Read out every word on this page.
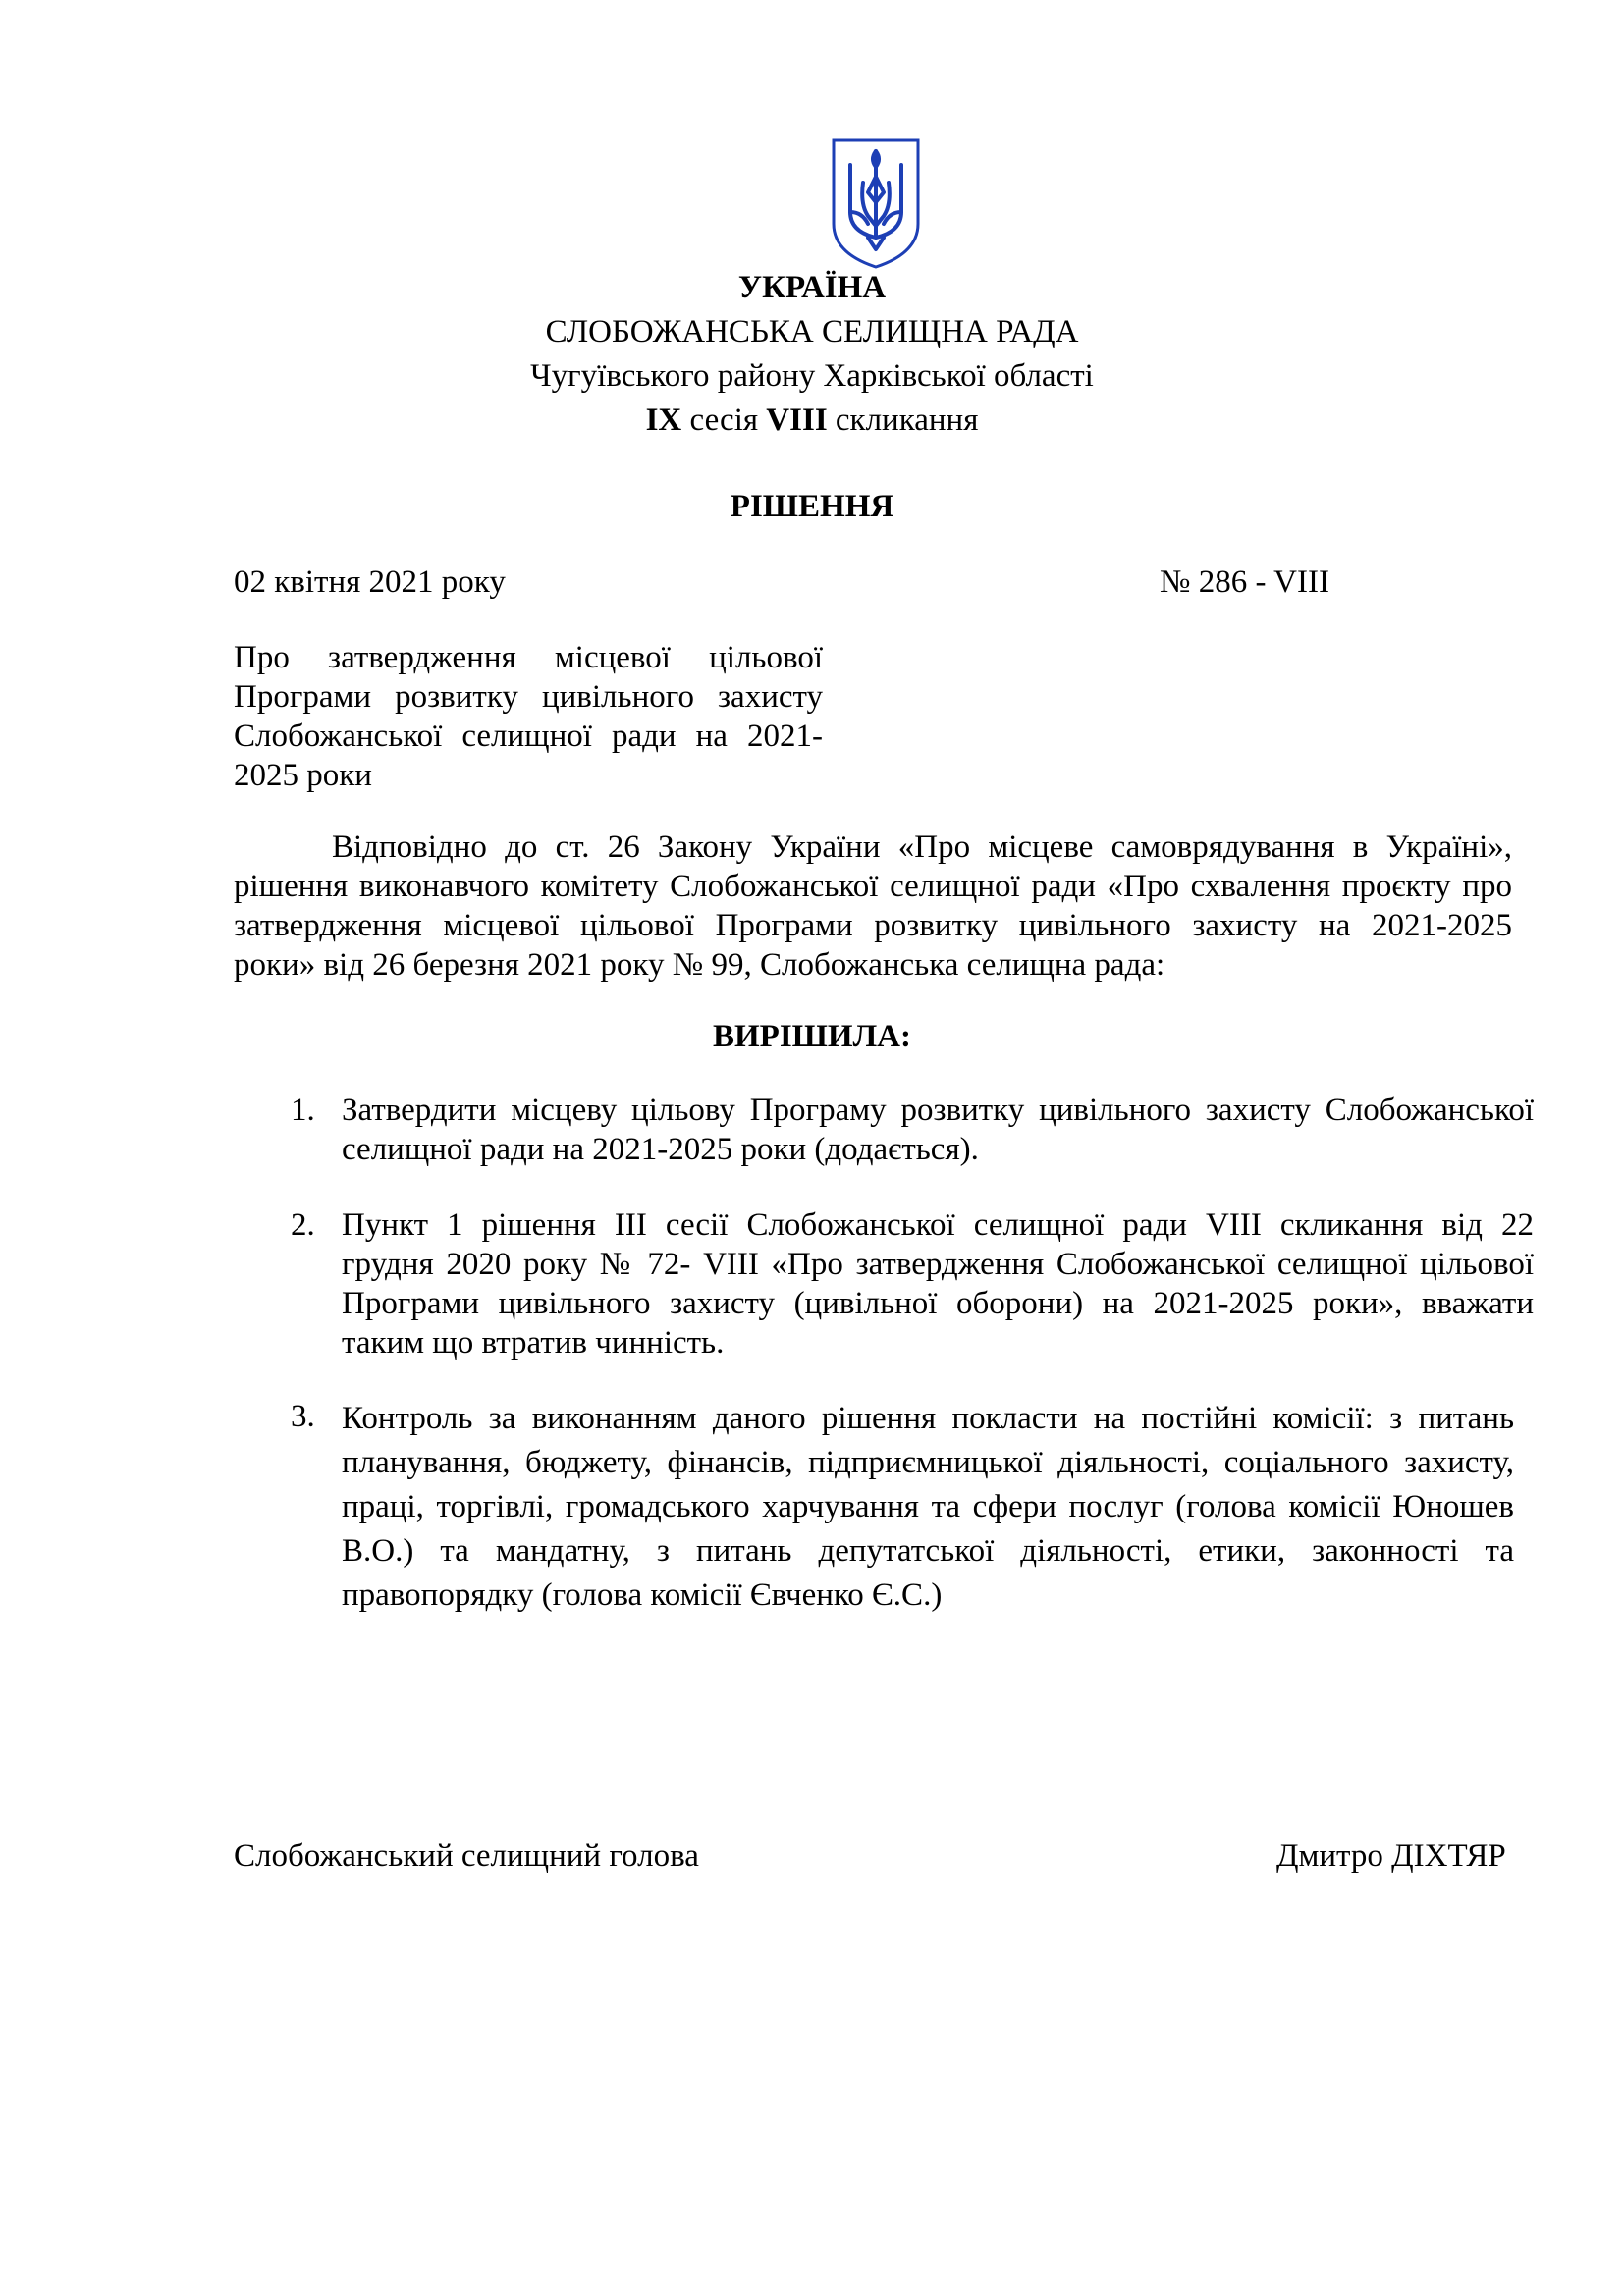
УКРАЇНА
СЛОБОЖАНСЬКА СЕЛИЩНА РАДА
Чугуївського району Харківської області
IX сесія VIII скликання
РІШЕННЯ
02 квітня 2021 року	№ 286 - VIII
Про затвердження місцевої цільової
Програми розвитку цивільного захисту
Слобожанської селищної ради на 2021-
2025 роки
Відповідно до ст. 26 Закону України «Про місцеве самоврядування в Україні»,
рішення виконавчого комітету Слобожанської селищної ради «Про схвалення проєкту про
затвердження місцевої цільової Програми розвитку цивільного захисту на 2021-2025
роки» від 26 березня 2021 року № 99, Слобожанська селищна рада:
ВИРІШИЛА:
1. Затвердити місцеву цільову Програму розвитку цивільного захисту Слобожанської
селищної ради на 2021-2025 роки (додається).
2. Пункт 1 рішення ІІІ сесії Слобожанської селищної ради VIII скликання від 22
грудня 2020 року № 72- VIII «Про затвердження Слобожанської селищної цільової
Програми цивільного захисту (цивільної оборони) на 2021-2025 роки», вважати
таким що втратив чинність.
3. Контроль за виконанням даного рішення покласти на постійні комісії: з питань
планування, бюджету, фінансів, підприємницької діяльності, соціального захисту,
праці, торгівлі, громадського харчування та сфери послуг (голова комісії Юношев
В.О.) та мандатну, з питань депутатської діяльності, етики, законності та
правопорядку (голова комісії Євченко Є.С.)
Слобожанський селищний голова	Дмитро ДІХТЯР
